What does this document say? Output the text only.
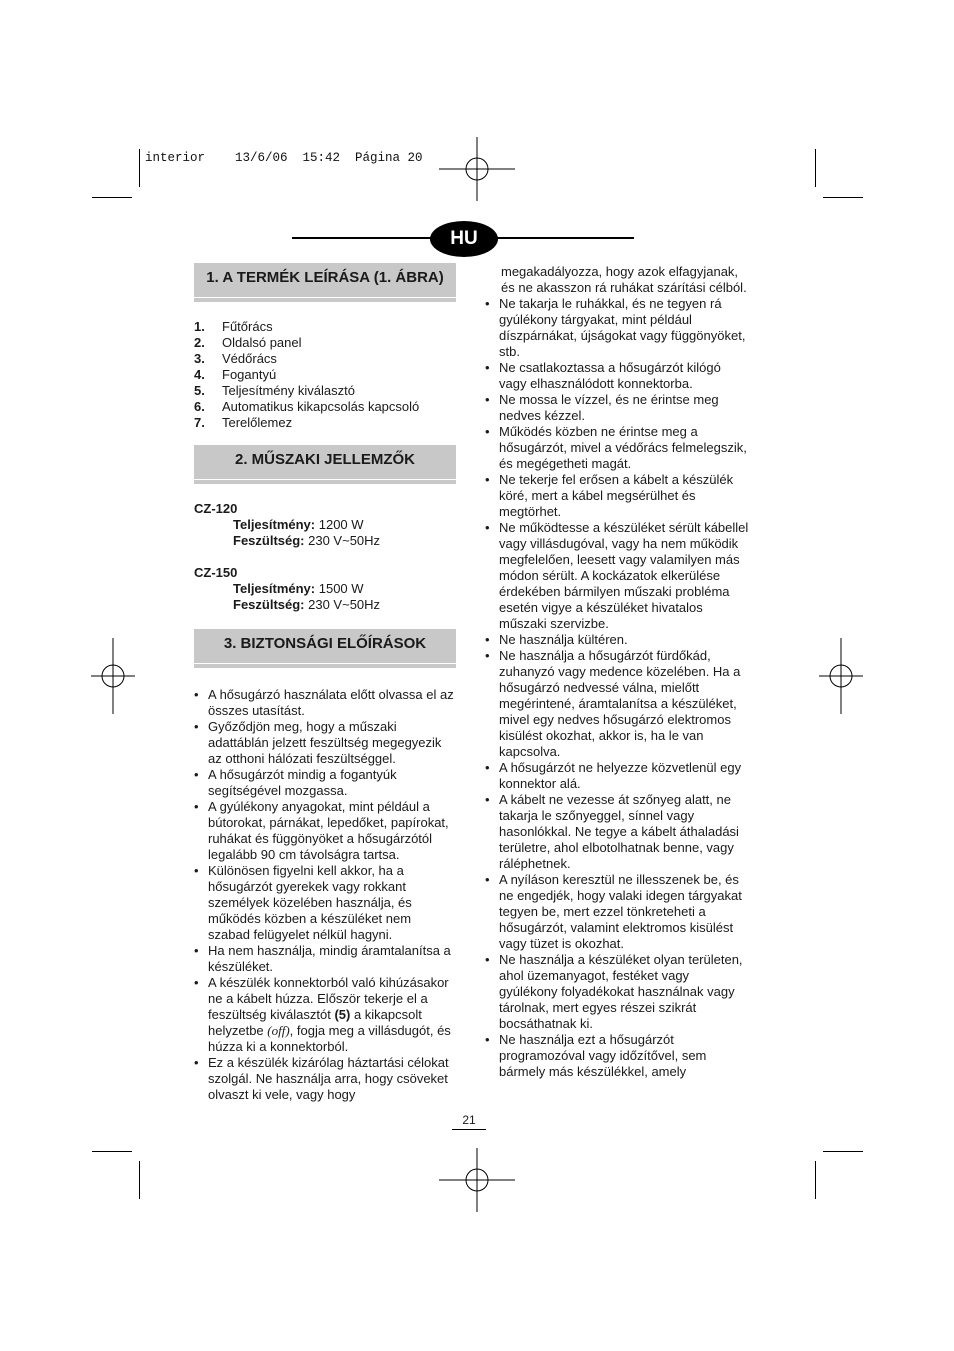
interior    13/6/06  15:42  Página 20
HU
1. A TERMÉK LEÍRÁSA (1. ÁBRA)
1.	Fűtőrács
2.	Oldalsó panel
3.	Védőrács
4.	Fogantyú
5.	Teljesítmény kiválasztó
6.	Automatikus kikapcsolás kapcsoló
7.	Terelőlemez
2. MŰSZAKI JELLEMZŐK
CZ-120
Teljesítmény: 1200 W
Feszültség: 230 V~50Hz
CZ-150
Teljesítmény: 1500 W
Feszültség: 230 V~50Hz
3. BIZTONSÁGI ELŐÍRÁSOK
• A hősugárzó használata előtt olvassa el az összes utasítást.
• Győződjön meg, hogy a műszaki adattáblán jelzett feszültség megegyezik az otthoni hálózati feszültséggel.
• A hősugárzót mindig a fogantyúk segítségével mozgassa.
• A gyúlékony anyagokat, mint például a bútorokat, párnákat, lepedőket, papírokat, ruhákat és függönyöket a hősugárzótól legalább 90 cm távolságra tartsa.
• Különösen figyelni kell akkor, ha a hősugárzót gyerekek vagy rokkant személyek közelében használja, és működés közben a készüléket nem szabad felügyelet nélkül hagyni.
• Ha nem használja, mindig áramtalanítsa a készüléket.
• A készülék konnektorból való kihúzásakor ne a kábelt húzza. Először tekerje el a feszültség kiválasztót (5) a kikapcsolt helyzetbe (off), fogja meg a villásdugót, és húzza ki a konnektorból.
• Ez a készülék kizárólag háztartási célokat szolgál. Ne használja arra, hogy csöveket olvaszt ki vele, vagy hogy
megakadályozza, hogy azok elfagyjanak, és ne akasszon rá ruhákat szárítási célból.
• Ne takarja le ruhákkal, és ne tegyen rá gyúlékony tárgyakat, mint például díszpárnákat, újságokat vagy függönyöket, stb.
• Ne csatlakoztassa a hősugárzót kilógó vagy elhasználódott konnektorba.
• Ne mossa le vízzel, és ne érintse meg nedves kézzel.
• Működés közben ne érintse meg a hősugárzót, mivel a védőrács felmelegszik, és megégetheti magát.
• Ne tekerje fel erősen a kábelt a készülék köré, mert a kábel megsérülhet és megtörhet.
• Ne működtesse a készüléket sérült kábellel vagy villásdugóval, vagy ha nem működik megfelelően, leesett vagy valamilyen más módon sérült. A kockázatok elkerülése érdekében bármilyen műszaki probléma esetén vigye a készüléket hivatalos műszaki szervizbe.
• Ne használja kültéren.
• Ne használja a hősugárzót fürdőkád, zuhanyzó vagy medence közelében. Ha a hősugárzó nedvessé válna, mielőtt megérintené, áramtalanítsa a készüléket, mivel egy nedves hősugárzó elektromos kisülést okozhat, akkor is, ha le van kapcsolva.
• A hősugárzót ne helyezze közvetlenül egy konnektor alá.
• A kábelt ne vezesse át szőnyeg alatt, ne takarja le szőnyeggel, sínnel vagy hasonlókkal. Ne tegye a kábelt áthaladási területre, ahol elbotolhatnak benne, vagy ráléphetnek.
• A nyíláson keresztül ne illesszenek be, és ne engedjék, hogy valaki idegen tárgyakat tegyen be, mert ezzel tönkreteheti a hősugárzót, valamint elektromos kisülést vagy tüzet is okozhat.
• Ne használja a készüléket olyan területen, ahol üzemanyagot, festéket vagy gyúlékony folyadékokat használnak vagy tárolnak, mert egyes részei szikrát bocsáthatnak ki.
• Ne használja ezt a hősugárzót programozóval vagy időzítővel, sem bármely más készülékkel, amely
21
